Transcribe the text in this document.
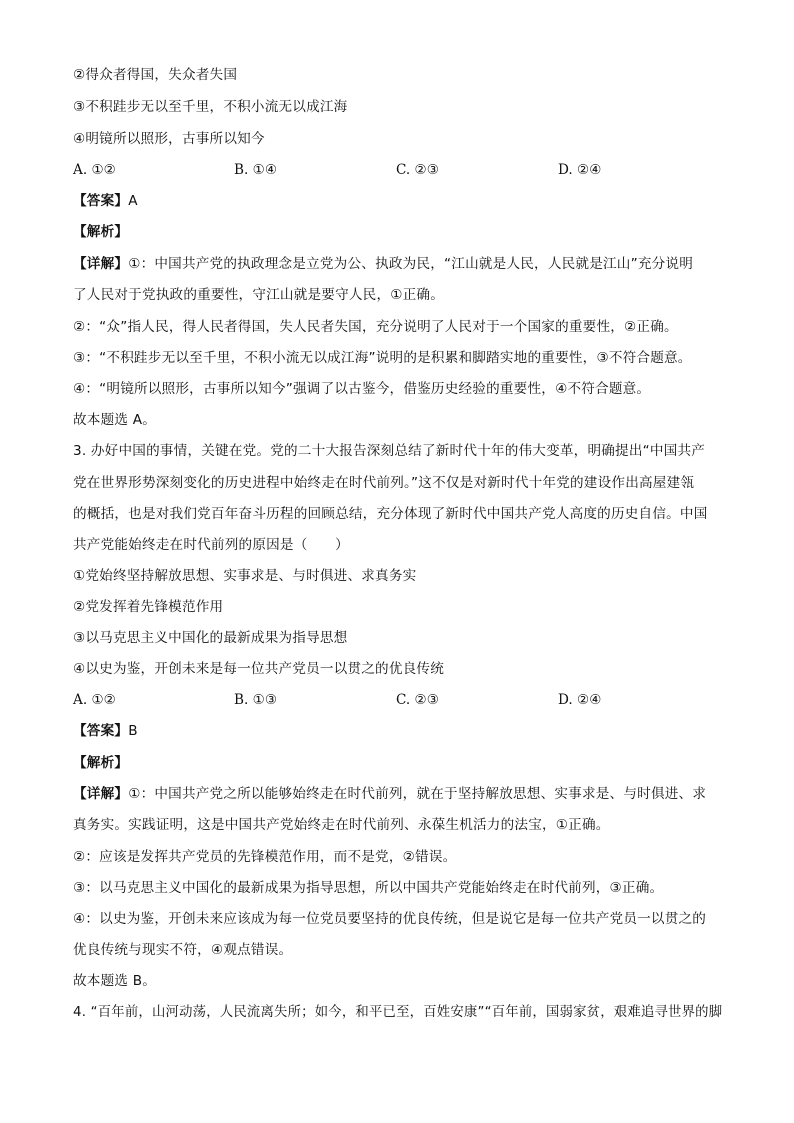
②得众者得国，失众者失国
③不积跬步无以至千里，不积小流无以成江海
④明镜所以照形，古事所以知今
A. ①②	B. ①④	C. ②③	D. ②④
【答案】A
【解析】
【详解】①：中国共产党的执政理念是立党为公、执政为民，“江山就是人民，人民就是江山”充分说明
了人民对于党执政的重要性，守江山就是要守人民，①正确。
②：“众”指人民，得人民者得国，失人民者失国，充分说明了人民对于一个国家的重要性，②正确。
③：“不积跬步无以至千里，不积小流无以成江海”说明的是积累和脚踏实地的重要性，③不符合题意。
④：“明镜所以照形，古事所以知今”强调了以古鉴今，借鉴历史经验的重要性，④不符合题意。
故本题选 A。
3. 办好中国的事情，关键在党。党的二十大报告深刻总结了新时代十年的伟大变革，明确提出“中国共产
党在世界形势深刻变化的历史进程中始终走在时代前列。”这不仅是对新时代十年党的建设作出高屋建瓴
的概括，也是对我们党百年奋斗历程的回顾总结，充分体现了新时代中国共产党人高度的历史自信。中国
共产党能始终走在时代前列的原因是（　　）
①党始终坚持解放思想、实事求是、与时俱进、求真务实
②党发挥着先锋模范作用
③以马克思主义中国化的最新成果为指导思想
④以史为鉴，开创未来是每一位共产党员一以贯之的优良传统
A. ①②	B. ①③	C. ②③	D. ②④
【答案】B
【解析】
【详解】①：中国共产党之所以能够始终走在时代前列，就在于坚持解放思想、实事求是、与时俱进、求
真务实。实践证明，这是中国共产党始终走在时代前列、永葆生机活力的法宝，①正确。
②：应该是发挥共产党员的先锋模范作用，而不是党，②错误。
③：以马克思主义中国化的最新成果为指导思想，所以中国共产党能始终走在时代前列，③正确。
④：以史为鉴，开创未来应该成为每一位党员要坚持的优良传统，但是说它是每一位共产党员一以贯之的
优良传统与现实不符，④观点错误。
故本题选 B。
4. “百年前，山河动荡，人民流离失所；如今，和平已至，百姓安康”“百年前，国弱家贫，艰难追寻世界的脚
